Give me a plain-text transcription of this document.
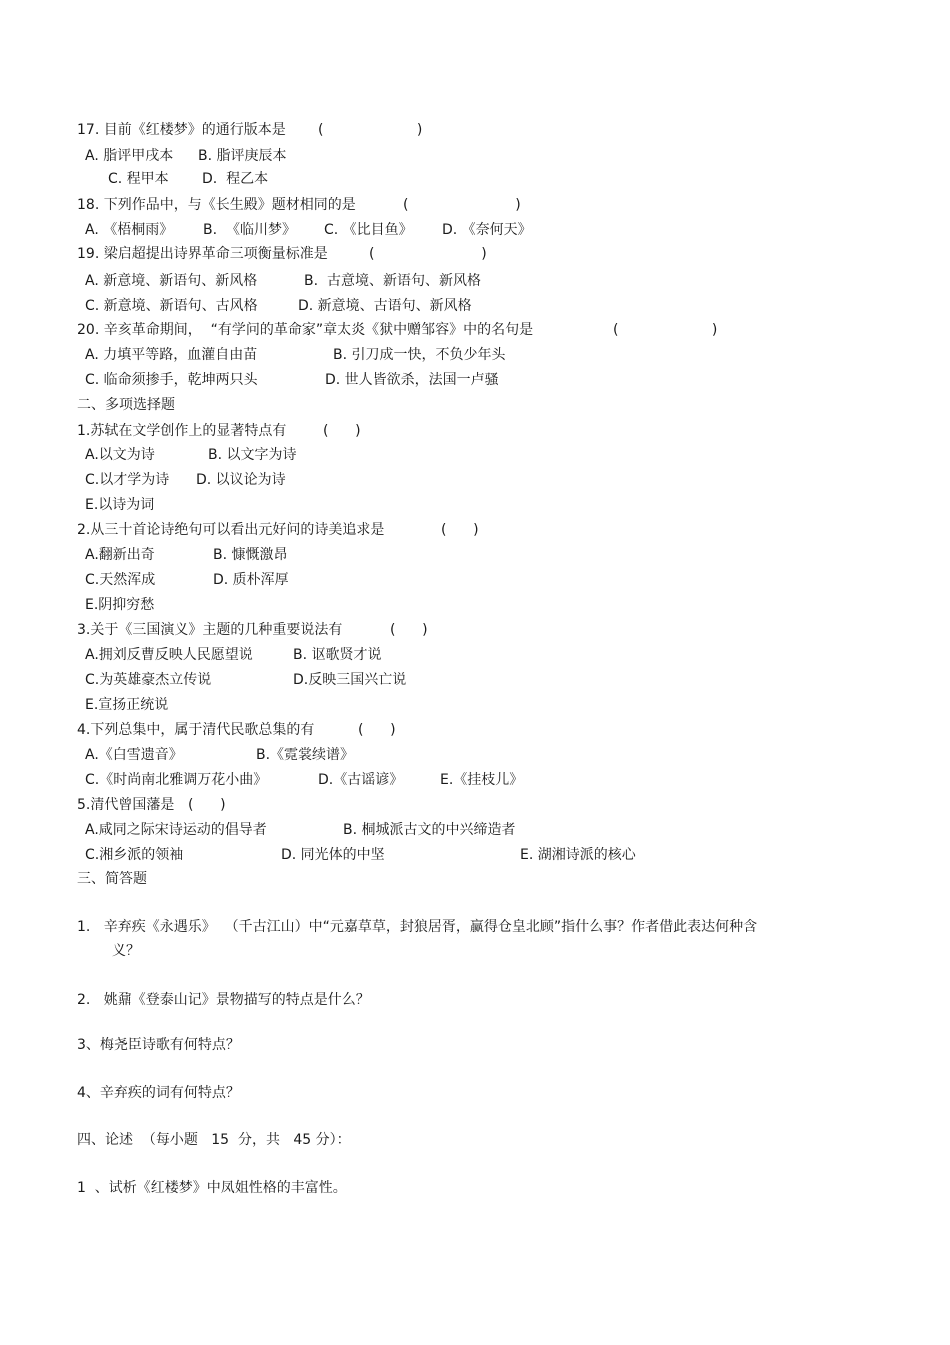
17. 目前《红楼梦》的通行版本是 (                     )
A. 脂评甲戌本 B. 脂评庚辰本
C. 程甲本 D.  程乙本
18. 下列作品中，与《长生殿》题材相同的是	(                        )
A. 《梧桐雨》 B.  《临川梦》 C. 《比目鱼》 D. 《奈何天》
19. 梁启超提出诗界革命三项衡量标准是	(                        )
A. 新意境、新语句、新风格	B.  古意境、新语句、新风格
C. 新意境、新语句、古风格	D. 新意境、古语句、新风格
20. 辛亥革命期间，  “有学问的革命家”章太炎《狱中赠邹容》中的名句是	(                     )
A. 力填平等路，血灌自由苗	B. 引刀成一快，不负少年头
C. 临命须掺手，乾坤两只头	D. 世人皆欲杀，法国一卢骚
二、多项选择题
1.苏轼在文学创作上的显著特点有	(      )
A.以文为诗	B. 以文字为诗
C.以才学为诗 D. 以议论为诗
E.以诗为词
2.从三十首论诗绝句可以看出元好问的诗美追求是	(      )
A.翻新出奇	B. 慷慨激昂
C.天然浑成	D. 质朴浑厚
E.阴抑穷愁
3.关于《三国演义》主题的几种重要说法有	(      )
A.拥刘反曹反映人民愿望说	B. 讴歌贤才说
C.为英雄豪杰立传说	D.反映三国兴亡说
E.宣扬正统说
4.下列总集中，属于清代民歌总集的有	(      )
A.《白雪遗音》	B.《霓裳续谱》
C.《时尚南北雅调万花小曲》	D.《古谣谚》	E.《挂枝儿》
5.清代曾国藩是 (      )
A.咸同之际宋诗运动的倡导者	B. 桐城派古文的中兴缔造者
C.湘乡派的领袖	D. 同光体的中坚	E. 湖湘诗派的核心
三、简答题
1.   辛弃疾《永遇乐》  （千古江山）中“元嘉草草，封狼居胥，赢得仓皇北顾”指什么事？作者借此表达何种含
义？
2.   姚鼐《登泰山记》景物描写的特点是什么？
3、梅尧臣诗歌有何特点？
4、辛弃疾的词有何特点？
四、论述  （每小题   15  分，共   45 分）：
1  、试析《红楼梦》中凤姐性格的丰富性。
